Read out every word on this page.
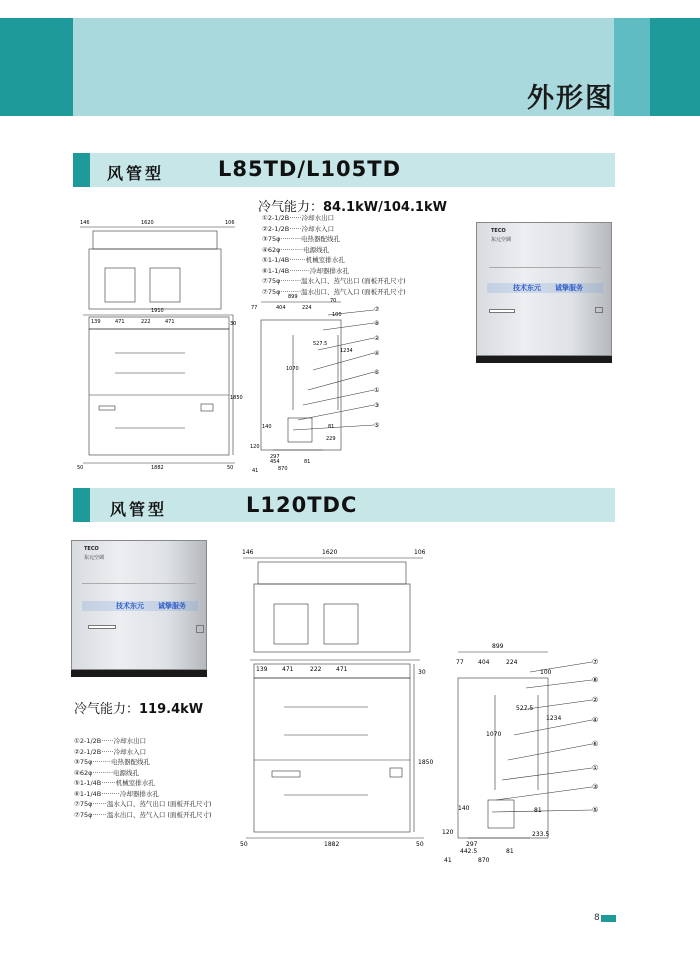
外形图
风管型	L85TD/L105TD
冷气能力：84.1kW/104.1kW
①2-1/2B······冷却水出口
②2-1/2B······冷却水入口
③75φ··········电热器配线孔
④62φ···········电源线孔
⑤1-1/4B········机械室排水孔
⑥1-1/4B··········冷却器排水孔
⑦75φ··········温水入口、蒸气出口 (面板开孔尺寸)
⑦75φ··········温水出口、蒸气入口 (面板开孔尺寸)
146	1620	106
1910
139	471	222	471	30
1850
50	1882	50
899
77	404	224
70
100
527.5
1234
1070
140
120
297
454	81
870
41
229
81
⑦
⑧
②
④
⑥
①
③
⑤
TECO
东元空调
技术东元 诚挚服务
风管型	L120TDC
TECO
东元空调
技术东元 诚挚服务
冷气能力：119.4kW
①2-1/2B······冷却水出口
②2-1/2B······冷却水入口
③75φ·········电热器配线孔
④62φ··········电源线孔
⑤1-1/4B·······机械室排水孔
⑥1-1/4B·········冷却器排水孔
⑦75φ·······温水入口、蒸气出口 (面板开孔尺寸)
⑦75φ·······温水出口、蒸气入口 (面板开孔尺寸)
146	1620	106
139 471	222 471	30
1850
50	1882	50
899
77 404	224
100
527.5
1234
1070
140
120
297
442.5	81
870
41
233.5
81
⑦
⑧
②
④
⑥
①
③
⑤
8
